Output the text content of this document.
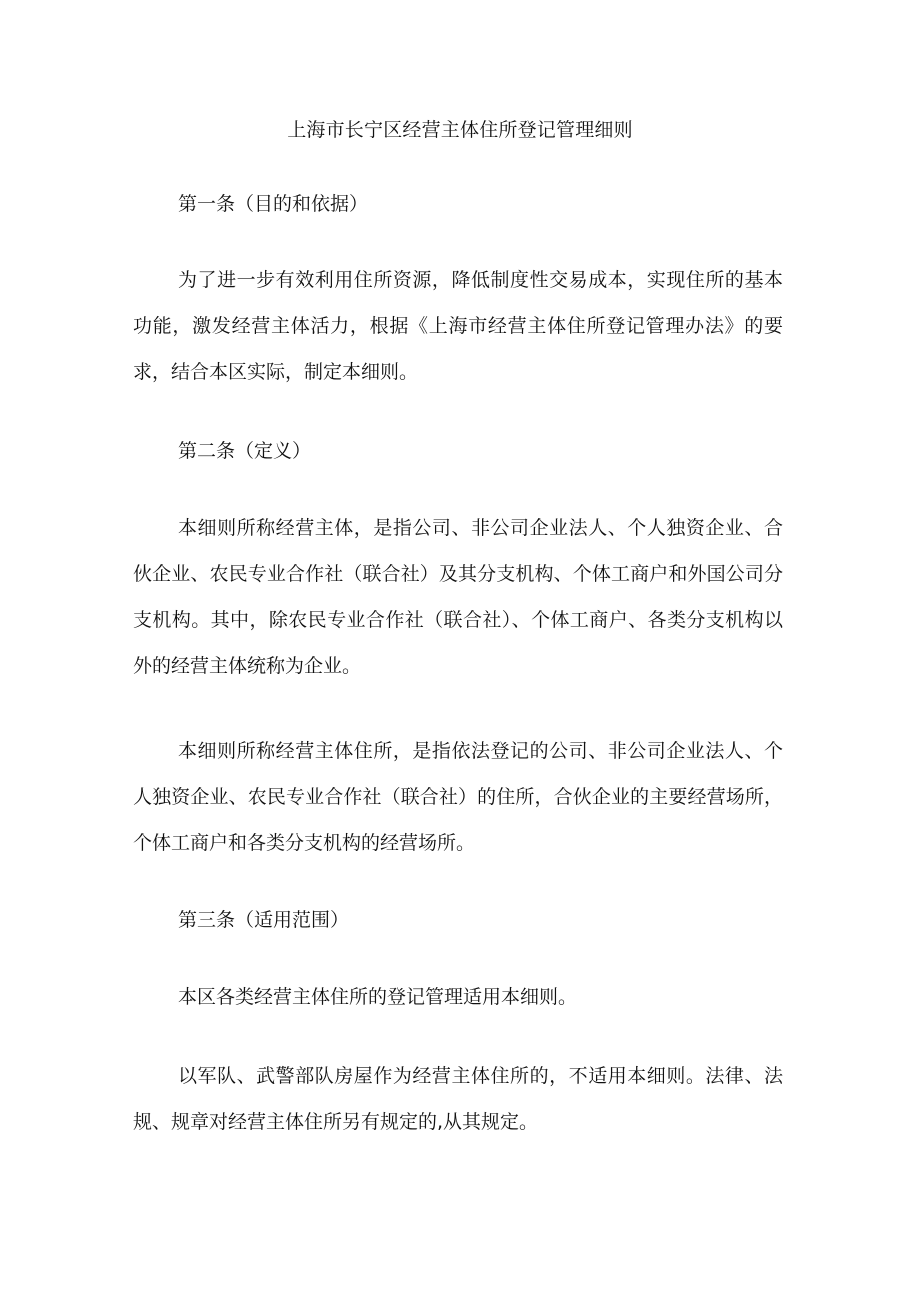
上海市长宁区经营主体住所登记管理细则
第一条（目的和依据）

为了进一步有效利用住所资源，降低制度性交易成本，实现住所的基本功能，激发经营主体活力，根据《上海市经营主体住所登记管理办法》的要求，结合本区实际，制定本细则。

第二条（定义）

本细则所称经营主体，是指公司、非公司企业法人、个人独资企业、合伙企业、农民专业合作社（联合社）及其分支机构、个体工商户和外国公司分支机构。其中，除农民专业合作社（联合社）、个体工商户、各类分支机构以外的经营主体统称为企业。

本细则所称经营主体住所，是指依法登记的公司、非公司企业法人、个人独资企业、农民专业合作社（联合社）的住所，合伙企业的主要经营场所，个体工商户和各类分支机构的经营场所。

第三条（适用范围）

本区各类经营主体住所的登记管理适用本细则。

以军队、武警部队房屋作为经营主体住所的，不适用本细则。法律、法规、规章对经营主体住所另有规定的,从其规定。
